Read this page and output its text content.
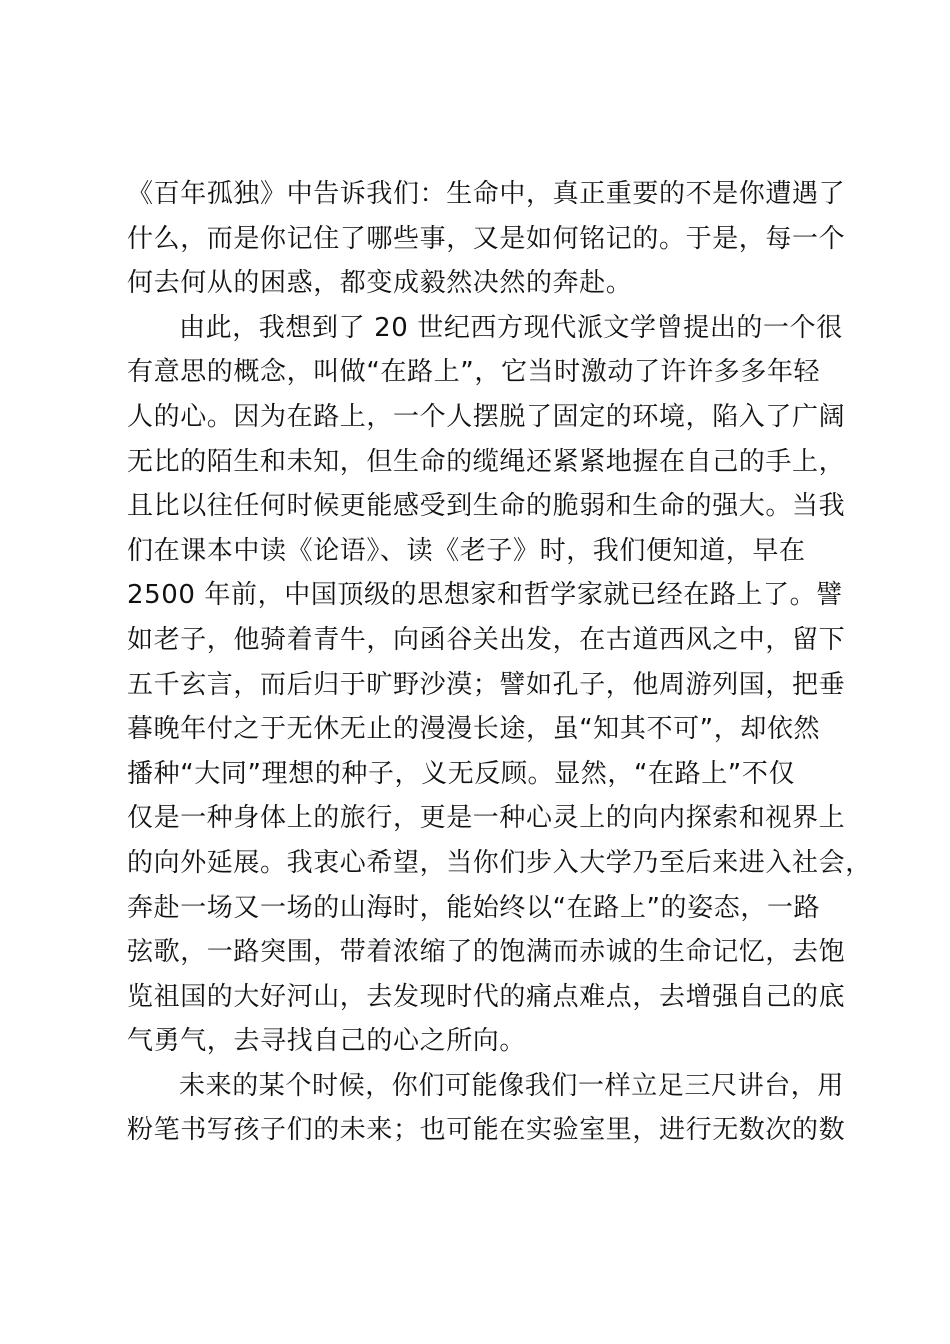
《百年孤独》中告诉我们：生命中，真正重要的不是你遭遇了
什么，而是你记住了哪些事，又是如何铭记的。于是，每一个
何去何从的困惑，都变成毅然决然的奔赴。
由此，我想到了 20 世纪西方现代派文学曾提出的一个很
有意思的概念，叫做“在路上”，它当时激动了许许多多年轻
人的心。因为在路上，一个人摆脱了固定的环境，陷入了广阔
无比的陌生和未知，但生命的缆绳还紧紧地握在自己的手上，
且比以往任何时候更能感受到生命的脆弱和生命的强大。当我
们在课本中读《论语》、读《老子》时，我们便知道，早在
2500 年前，中国顶级的思想家和哲学家就已经在路上了。譬
如老子，他骑着青牛，向函谷关出发，在古道西风之中，留下
五千玄言，而后归于旷野沙漠；譬如孔子，他周游列国，把垂
暮晚年付之于无休无止的漫漫长途，虽“知其不可”，却依然
播种“大同”理想的种子，义无反顾。显然，“在路上”不仅
仅是一种身体上的旅行，更是一种心灵上的向内探索和视界上
的向外延展。我衷心希望，当你们步入大学乃至后来进入社会，
奔赴一场又一场的山海时，能始终以“在路上”的姿态，一路
弦歌，一路突围，带着浓缩了的饱满而赤诚的生命记忆，去饱
览祖国的大好河山，去发现时代的痛点难点，去增强自己的底
气勇气，去寻找自己的心之所向。
未来的某个时候，你们可能像我们一样立足三尺讲台，用
粉笔书写孩子们的未来；也可能在实验室里，进行无数次的数
